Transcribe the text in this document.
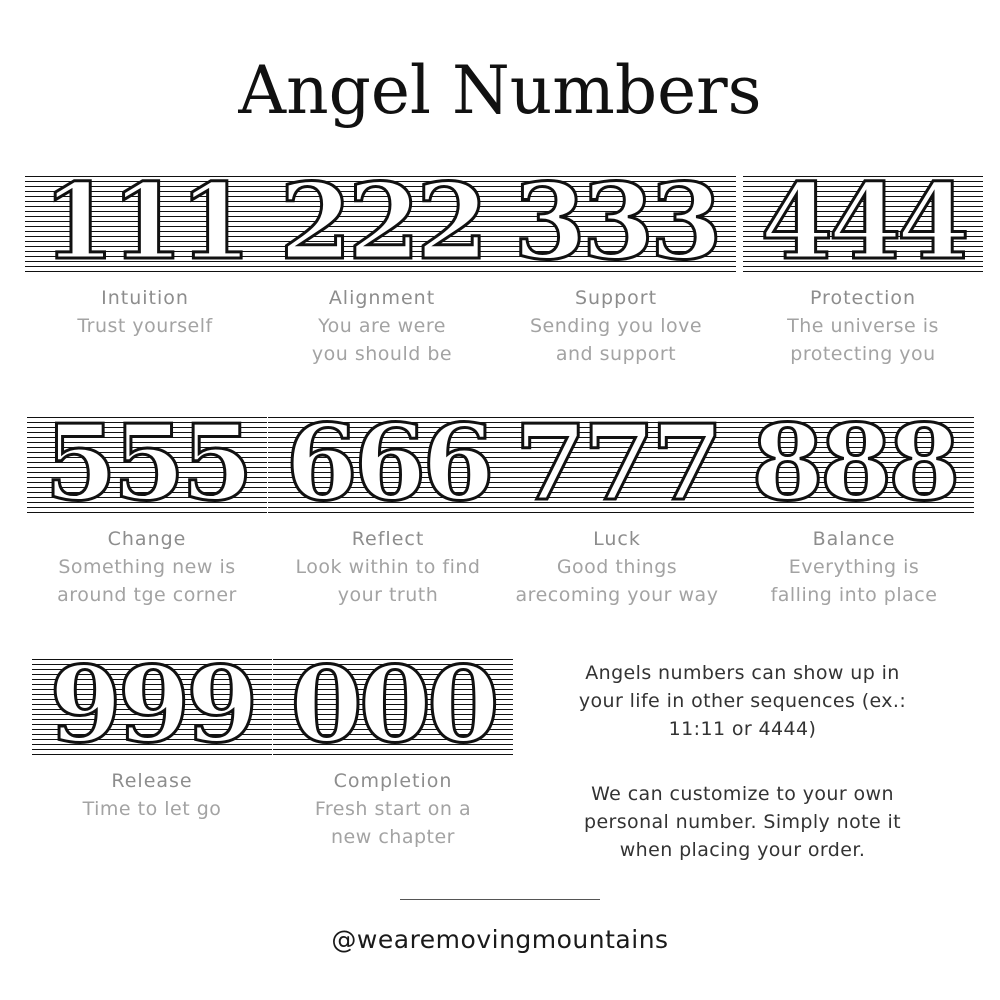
Angel Numbers
111
Intuition
Trust yourself
222
Alignment
You are were
you should be
333
Support
Sending you love
and support
444
Protection
The universe is
protecting you
555
Change
Something new is
around tge corner
666
Reflect
Look within to find
your truth
777
Luck
Good things
arecoming your way
888
Balance
Everything is
falling into place
999
Release
Time to let go
000
Completion
Fresh start on a
new chapter
Angels numbers can show up in
your life in other sequences (ex.:
11:11 or 4444)
We can customize to your own
personal number. Simply note it
when placing your order.
@wearemovingmountains
